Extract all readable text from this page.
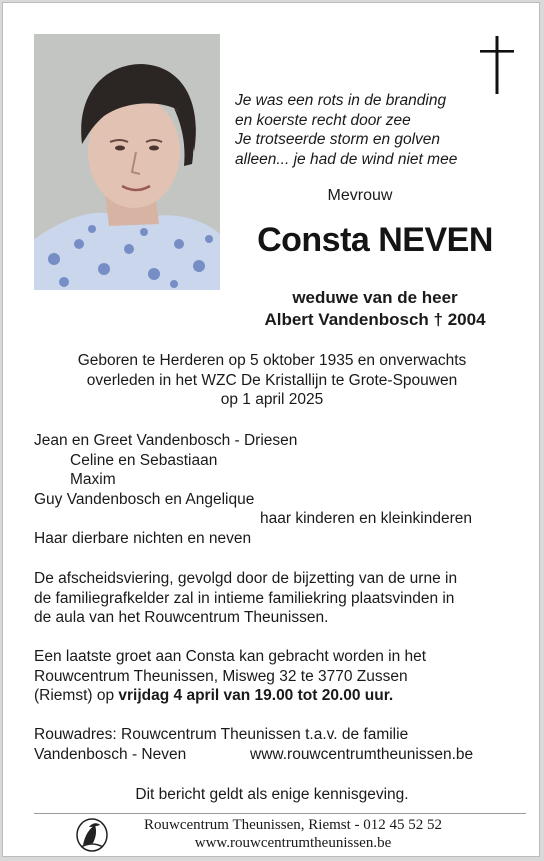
Je was een rots in de branding
en koerste recht door zee
Je trotseerde storm en golven
alleen... je had de wind niet mee
Mevrouw
Consta NEVEN
weduwe van de heer
Albert Vandenbosch † 2004
Geboren te Herderen op 5 oktober 1935 en onverwachts
overleden in het WZC De Kristallijn te Grote-Spouwen
op 1 april 2025
Jean en Greet Vandenbosch - Driesen
Celine en Sebastiaan
Maxim
Guy Vandenbosch en Angelique
haar kinderen en kleinkinderen
Haar dierbare nichten en neven
De afscheidsviering, gevolgd door de bijzetting van de urne in
de familiegrafkelder zal in intieme familiekring plaatsvinden in
de aula van het Rouwcentrum Theunissen.
Een laatste groet aan Consta kan gebracht worden in het
Rouwcentrum Theunissen, Misweg 32 te 3770 Zussen
(Riemst) op vrijdag 4 april van 19.00 tot 20.00 uur.
Rouwadres: Rouwcentrum Theunissen t.a.v. de familie
Vandenbosch - Neven	www.rouwcentrumtheunissen.be
Dit bericht geldt als enige kennisgeving.
Rouwcentrum Theunissen, Riemst - 012 45 52 52
www.rouwcentrumtheunissen.be
